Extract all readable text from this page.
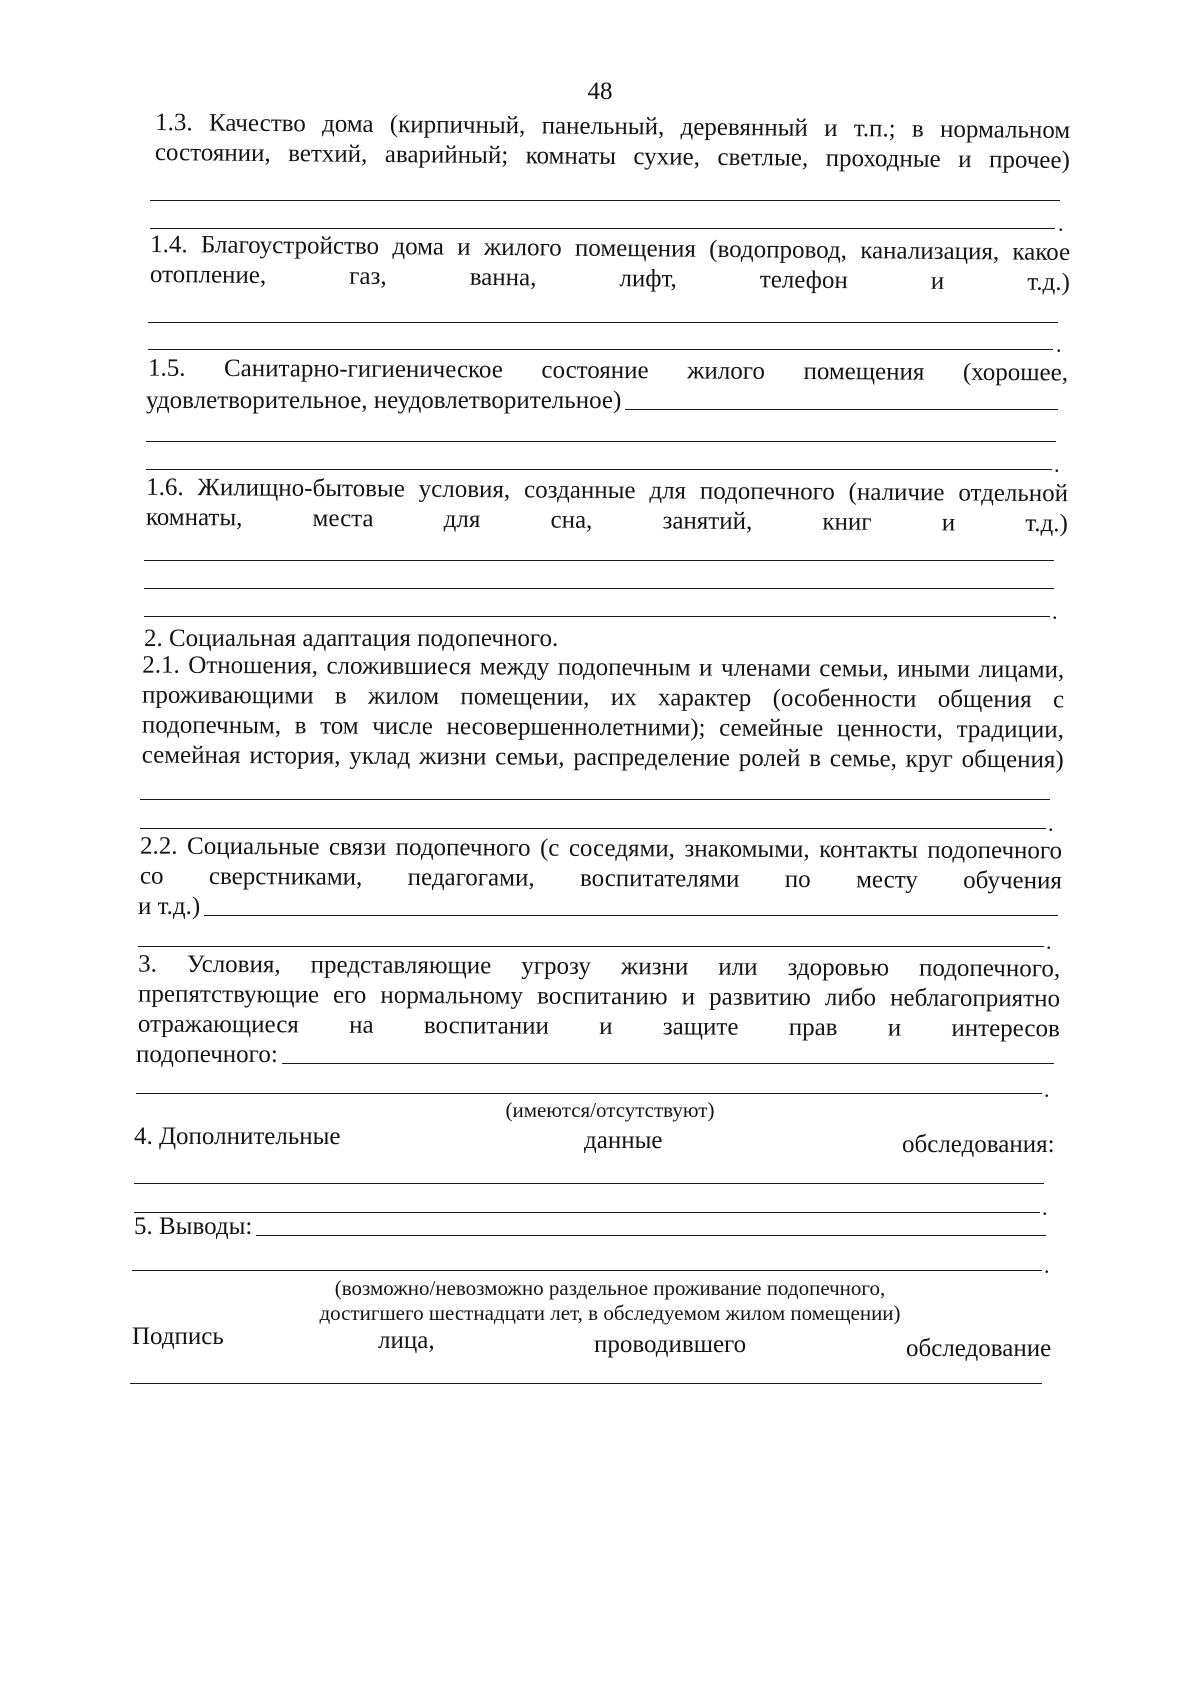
48

1.3. Качество дома (кирпичный, панельный, деревянный и т.п.; в нормальном состоянии, ветхий, аварийный; комнаты сухие, светлые, проходные и прочее)

.

1.4. Благоустройство дома и жилого помещения (водопровод, канализация, какое отопление, газ, ванна, лифт, телефон и т.д.)

.

1.5. Санитарно-гигиеническое состояние жилого помещения (хорошее,

удовлетворительное, неудовлетворительное)
.

1.6. Жилищно-бытовые условия, созданные для подопечного (наличие отдельной комнаты, места для сна, занятий, книг и т.д.)

.

2. Социальная адаптация подопечного.

2.1. Отношения, сложившиеся между подопечным и членами семьи, иными лицами, проживающими в жилом помещении, их характер (особенности общения с подопечным, в том числе несовершеннолетними); семейные ценности, традиции, семейная история, уклад жизни семьи, распределение ролей в семье, круг общения)

.

2.2. Социальные связи подопечного (с соседями, знакомыми, контакты подопечного со сверстниками, педагогами, воспитателями по месту обучения

и т.д.)
.

3. Условия, представляющие угрозу жизни или здоровью подопечного, препятствующие его нормальному воспитанию и развитию либо неблагоприятно отражающиеся на воспитании и защите прав и интересов

подопечного:
.
(имеются/отсутствуют)
4. Дополнительные	данные	обследования:
.
5. Выводы:
.
(возможно/невозможно раздельное проживание подопечного,
достигшего шестнадцати лет, в обследуемом жилом помещении)
Подпись	лица,	проводившего	обследование
